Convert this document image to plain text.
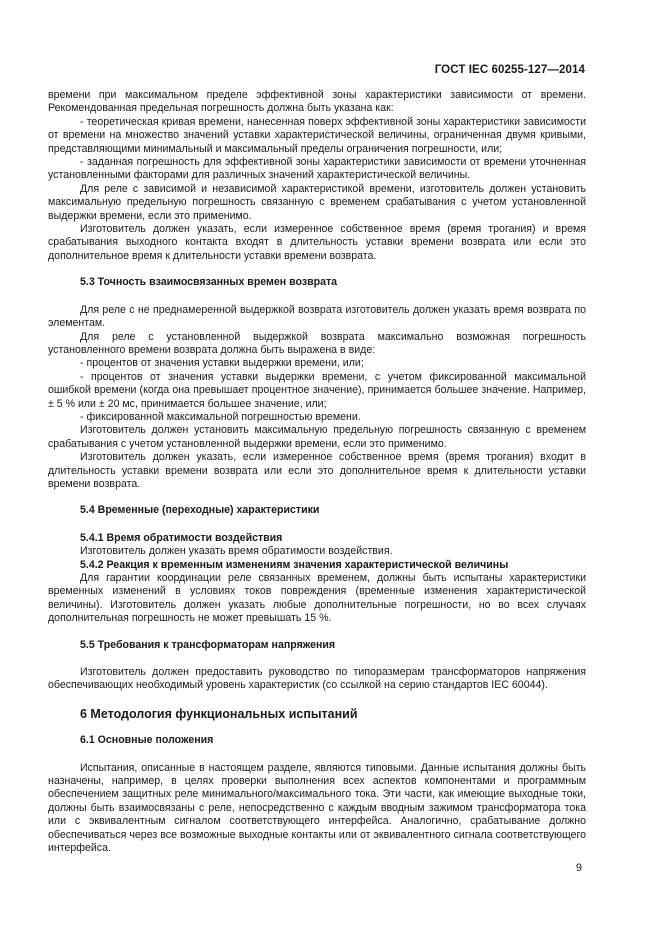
ГОСТ IEC 60255-127—2014

времени при максимальном пределе эффективной зоны характеристики зависимости от времени. Рекомендованная предельная погрешность должна быть указана как:

- теоретическая кривая времени, нанесенная поверх эффективной зоны характеристики зависимости от времени на множество значений уставки характеристической величины, ограниченная двумя кривыми, представляющими минимальный и максимальный пределы ограничения погрешности, или;

- заданная погрешность для эффективной зоны характеристики зависимости от времени уточненная установленными факторами для различных значений характеристической величины.

Для реле с зависимой и независимой характеристикой времени, изготовитель должен установить максимальную предельную погрешность связанную с временем срабатывания с учетом установленной выдержки времени, если это применимо.

Изготовитель должен указать, если измеренное собственное время (время трогания) и время срабатывания выходного контакта входят в длительность уставки времени возврата или если это дополнительное время к длительности уставки времени возврата.

5.3 Точность взаимосвязанных времен возврата

Для реле с не преднамеренной выдержкой возврата изготовитель должен указать время возврата по элементам.

Для реле с установленной выдержкой возврата максимально возможная погрешность установленного времени возврата должна быть выражена в виде:

- процентов от значения уставки выдержки времени, или;

- процентов от значения уставки выдержки времени, с учетом фиксированной максимальной ошибкой времени (когда она превышает процентное значение), принимается большее значение. Например, ± 5 % или ± 20 мс, принимается большее значение, или;

- фиксированной максимальной погрешностью времени.

Изготовитель должен установить максимальную предельную погрешность связанную с временем срабатывания с учетом установленной выдержки времени, если это применимо.

Изготовитель должен указать, если измеренное собственное время (время трогания) входит в длительность уставки времени возврата или если это дополнительное время к длительности уставки времени возврата.

5.4 Временные (переходные) характеристики
5.4.1 Время обратимости воздействия

Изготовитель должен указать время обратимости воздействия.

5.4.2 Реакция к временным изменениям значения характеристической величины

Для гарантии координации реле связанных временем, должны быть испытаны характеристики временных изменений в условиях токов повреждения (временные изменения характеристической величины). Изготовитель должен указать любые дополнительные погрешности, но во всех случаях дополнительная погрешность не может превышать 15 %.

5.5 Требования к трансформаторам напряжения

Изготовитель должен предоставить руководство по типоразмерам трансформаторов напряжения обеспечивающих необходимый уровень характеристик (со ссылкой на серию стандартов IEC 60044).

6 Методология функциональных испытаний
6.1 Основные положения

Испытания, описанные в настоящем разделе, являются типовыми. Данные испытания должны быть назначены, например, в целях проверки выполнения всех аспектов компонентами и программным обеспечением защитных реле минимального/максимального тока. Эти части, как имеющие выходные токи, должны быть взаимосвязаны с реле, непосредственно с каждым вводным зажимом трансформатора тока или с эквивалентным сигналом соответствующего интерфейса. Аналогично, срабатывание должно обеспечиваться через все возможные выходные контакты или от эквивалентного сигнала соответствующего интерфейса.

9
